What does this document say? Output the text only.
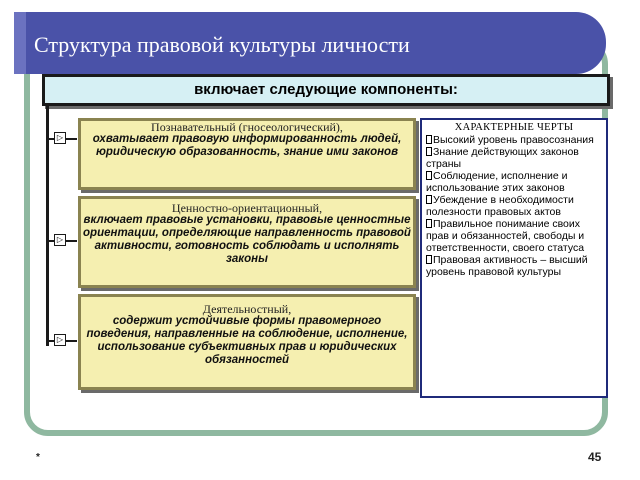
Структура правовой культуры личности
включает следующие компоненты:
▷
▷
▷
Познавательный (гносеологический),
охватывает правовую информированность людей, юридическую образованность, знание ими законов
Ценностно-ориентационный,
включает правовые установки, правовые ценностные ориентации, определяющие направленность правовой активности, готовность соблюдать и исполнять законы
Деятельностный,
содержит устойчивые формы правомерного поведения, направленные на соблюдение, исполнение, использование субъективных прав и юридических обязанностей
ХАРАКТЕРНЫЕ ЧЕРТЫ
Высокий уровень правосознания
Знание действующих законов страны
Соблюдение, исполнение и использование этих законов
Убеждение в необходимости полезности правовых актов
Правильное понимание своих прав и обязанностей, свободы и ответственности, своего статуса
Правовая активность – высший уровень правовой культуры
*	45
